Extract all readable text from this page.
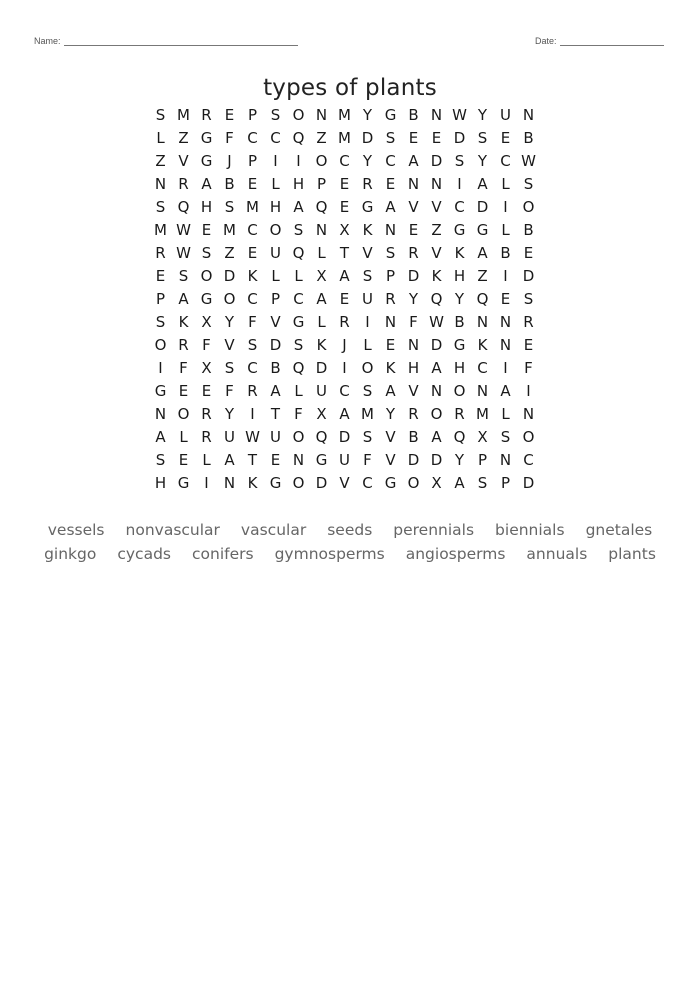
Name:	Date:
types of plants
S M R E P S O N M Y G B N W Y U N
L Z G F C C Q Z M D S E E D S E B
Z V G J	P	I	I O C Y C A D S Y C W
N R A B E L H P E R E N N	I	A L S
S Q H S M H A Q E G A V V C D	I O
M W E M C O S N X K N E Z G G L B
R W S Z E U Q L T V S R V K A B E
E S O D K L L X A S P D K H Z	I	D
P A G O C P C A E U R Y Q Y Q E S
S K X Y F V G L R	I	N F W B N N R
O R F V S D S K	J	L E N D G K N E
I	F X S C B Q D	I O K H A H C	I	F
G E E F R A L U C S A V N O N A	I
N O R Y	I	T F X A M Y R O R M L N
A L R U W U O Q D S V B A Q X S O
S E L A T E N G U F V D D Y P N C
H G I	N K G O D V C G O X A S P D
vessels nonvascular vascular seeds perennials biennials gnetales
ginkgo cycads conifers gymnosperms angiosperms annuals plants
